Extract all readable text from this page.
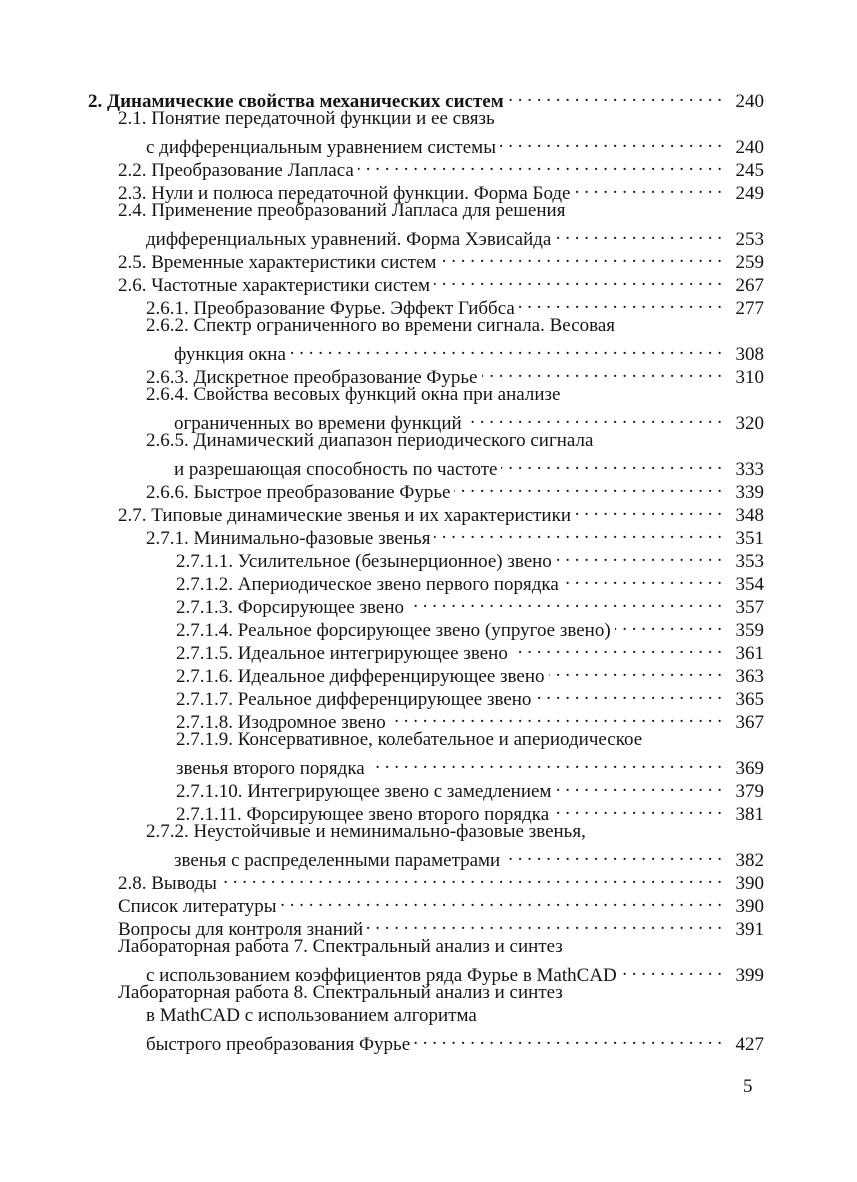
2. Динамические свойства механических систем . . .	240
2.1. Понятие передаточной функции и ее связь
с дифференциальным уравнением системы . . .	240
2.2. Преобразование Лапласа . . .	245
2.3. Нули и полюса передаточной функции. Форма Боде . . .	249
2.4. Применение преобразований Лапласа для решения
дифференциальных уравнений. Форма Хэвисайда . . .	253
2.5. Временные характеристики систем . . .	259
2.6. Частотные характеристики систем . . .	267
2.6.1. Преобразование Фурье. Эффект Гиббса . . .	277
2.6.2. Спектр ограниченного во времени сигнала. Весовая
функция окна . . .	308
2.6.3. Дискретное преобразование Фурье . . .	310
2.6.4. Свойства весовых функций окна при анализе
ограниченных во времени функций . . .	320
2.6.5. Динамический диапазон периодического сигнала
и разрешающая способность по частоте . . .	333
2.6.6. Быстрое преобразование Фурье . . .	339
2.7. Типовые динамические звенья и их характеристики . . .	348
2.7.1. Минимально-фазовые звенья . . .	351
2.7.1.1. Усилительное (безынерционное) звено . . .	353
2.7.1.2. Апериодическое звено первого порядка . . .	354
2.7.1.3. Форсирующее звено . . .	357
2.7.1.4. Реальное форсирующее звено (упругое звено) . . .	359
2.7.1.5. Идеальное интегрирующее звено . . .	361
2.7.1.6. Идеальное дифференцирующее звено . . .	363
2.7.1.7. Реальное дифференцирующее звено . . .	365
2.7.1.8. Изодромное звено . . .	367
2.7.1.9. Консервативное, колебательное и апериодическое
звенья второго порядка . . .	369
2.7.1.10. Интегрирующее звено с замедлением . . .	379
2.7.1.11. Форсирующее звено второго порядка . . .	381
2.7.2. Неустойчивые и неминимально-фазовые звенья,
звенья с распределенными параметрами . . .	382
2.8. Выводы . . .	390
Список литературы . . .	390
Вопросы для контроля знаний . . .	391
Лабораторная работа 7. Спектральный анализ и синтез
с использованием коэффициентов ряда Фурье в MathCAD . . .	399
Лабораторная работа 8. Спектральный анализ и синтез
в MathCAD с использованием алгоритма
быстрого преобразования Фурье . . .	427
5
